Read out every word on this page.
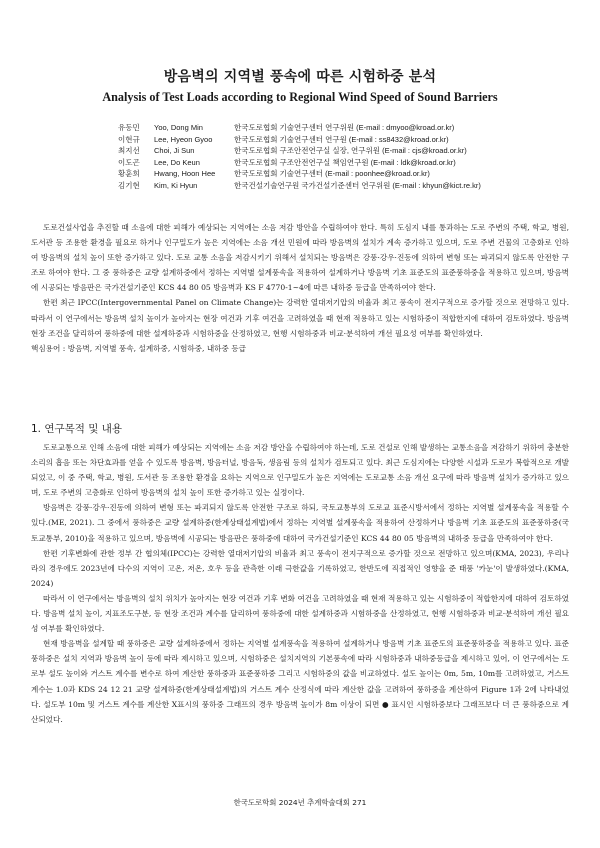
방음벽의 지역별 풍속에 따른 시험하중 분석
Analysis of Test Loads according to Regional Wind Speed of Sound Barriers
유동민	Yoo, Dong Min	한국도로협회 기술연구센터 연구위원 (E-mail : dmyoo@kroad.or.kr)
이현규	Lee, Hyeon Gyoo	한국도로협회 기술연구센터 연구원 (E-mail : ss8432@kroad.or.kr)
최지선	Choi, Ji Sun	한국도로협회 구조안전연구실 실장, 연구위원 (E-mail : cjs@kroad.or.kr)
이도곤	Lee, Do Keun	한국도로협회 구조안전연구실 책임연구원 (E-mail : ldk@kroad.or.kr)
황훈희	Hwang, Hoon Hee	한국도로협회 기술연구센터 (E-mail : poonhee@kroad.or.kr)
김기현	Kim, Ki Hyun	한국건설기술연구원 국가건설기준센터 연구위원 (E-mail : khyun@kict.re.kr)

도로건설사업을 추진할 때 소음에 대한 피해가 예상되는 지역에는 소음 저감 방안을 수립하여야 한다. 특히 도심지 내를 통과하는 도로 주변의 주택, 학교, 병원, 도서관 등 조용한 환경을 필요로 하거나 인구밀도가 높은 지역에는 소음 개선 민원에 따라 방음벽의 설치가 계속 증가하고 있으며, 도로 주변 건물의 고층화로 인하여 방음벽의 설치 높이 또한 증가하고 있다. 도로 교통 소음을 저감시키기 위해서 설치되는 방음벽은 강풍·강우·진동에 의하여 변형 또는 파괴되지 않도록 안전한 구조로 하여야 한다. 그 중 풍하중은 교량 설계하중에서 정하는 지역별 설계풍속을 적용하여 설계하거나 방음벽 기초 표준도의 표준풍하중을 적용하고 있으며, 방음벽에 시공되는 방음판은 국가건설기준인 KCS 44 80 05 방음벽과 KS F 4770-1~4에 따른 내하중 등급을 만족하여야 한다.

한편 최근 IPCC(Intergovernmental Panel on Climate Change)는 강력한 열대저기압의 비율과 최고 풍속이 전지구적으로 증가할 것으로 전망하고 있다. 따라서 이 연구에서는 방음벽 설치 높이가 높아지는 현장 여건과 기후 여건을 고려하였을 때 현재 적용하고 있는 시험하중이 적합한지에 대하여 검토하였다. 방음벽 현장 조건을 달리하여 풍하중에 대한 설계하중과 시험하중을 산정하였고, 현행 시험하중과 비교·분석하여 개선 필요성 여부를 확인하였다.

핵심용어 : 방음벽, 지역별 풍속, 설계하중, 시험하중, 내하중 등급

1. 연구목적 및 내용

도로교통으로 인해 소음에 대한 피해가 예상되는 지역에는 소음 저감 방안을 수립하여야 하는데, 도로 건설로 인해 발생하는 교통소음을 저감하기 위하여 충분한 소리의 흡음 또는 차단효과를 얻을 수 있도록 방음벽, 방음터널, 방음둑, 생음림 등의 설치가 검토되고 있다. 최근 도심지에는 다양한 시설과 도로가 복합적으로 개발되었고, 이 중 주택, 학교, 병원, 도서관 등 조용한 환경을 요하는 지역으로 인구밀도가 높은 지역에는 도로교통 소음 개선 요구에 따라 방음벽 설치가 증가하고 있으며, 도로 주변의 고층화로 인하여 방음벽의 설치 높이 또한 증가하고 있는 실정이다.

방음벽은 강풍·강우·진동에 의하여 변형 또는 파괴되지 않도록 안전한 구조로 하되, 국토교통부의 도로교 표준시방서에서 정하는 지역별 설계풍속을 적용할 수 있다.(ME, 2021). 그 중에서 풍하중은 교량 설계하중(한계상태설계법)에서 정하는 지역별 설계풍속을 적용하여 산정하거나 방음벽 기초 표준도의 표준풍하중(국토교통부, 2010)을 적용하고 있으며, 방음벽에 시공되는 방음판은 풍하중에 대하여 국가건설기준인 KCS 44 80 05 방음벽의 내하중 등급을 만족하여야 한다.

한편 기후변화에 관한 정부 간 협의체(IPCC)는 강력한 열대저기압의 비율과 최고 풍속이 전지구적으로 증가할 것으로 전망하고 있으며(KMA, 2023), 우리나라의 경우에도 2023년에 다수의 지역이 고온, 저온, 호우 등을 관측한 이래 극한값을 기록하였고, 한반도에 직접적인 영향을 준 태풍 '카눈'이 발생하였다.(KMA, 2024)

따라서 이 연구에서는 방음벽의 설치 위치가 높아지는 현장 여건과 기후 변화 여건을 고려하였을 때 현재 적용하고 있는 시험하중이 적합한지에 대하여 검토하였다. 방음벽 설치 높이, 지표조도구분, 등 현장 조건과 계수를 달리하여 풍하중에 대한 설계하중과 시험하중을 산정하였고, 현행 시험하중과 비교·분석하여 개선 필요성 여부를 확인하였다.

현재 방음벽을 설계할 때 풍하중은 교량 설계하중에서 정하는 지역별 설계풍속을 적용하여 설계하거나 방음벽 기초 표준도의 표준풍하중을 적용하고 있다. 표준풍하중은 설치 지역과 방음벽 높이 등에 따라 제시하고 있으며, 시험하중은 설치지역의 기본풍속에 따라 시험하중과 내하중등급을 제시하고 있어, 이 연구에서는 도로부 설도 높이와 거스트 계수를 변수로 하여 계산한 풍하중과 표준풍하중 그리고 시험하중의 값을 비교하였다. 설도 높이는 0m, 5m, 10m를 고려하였고, 거스트 계수는 1.0과 KDS 24 12 21 교량 설계하중(한계상태설계법)의 거스트 계수 산정식에 따라 계산한 값을 고려하여 풍하중을 계산하여 Figure 1과 2에 나타내었다. 설도부 10m 및 거스트 계수를 계산한 X표시의 풍하중 그래프의 경우 방음벽 높이가 8m 이상이 되면 ● 표시인 시험하중보다 그래프보다 더 큰 풍하중으로 계산되었다.

한국도로학회 2024년 추계학술대회 271
